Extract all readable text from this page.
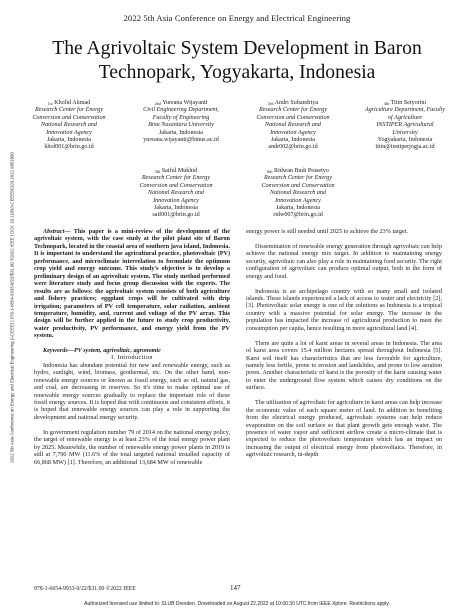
2022 5th Asia Conference on Energy and Electrical Engineering
The Agrivoltaic System Development in Baron
Technopark, Yogyakarta, Indonesia
$^{1st}$ Kholid Ahmad
Research Center for Energy
Conversion and Conservation
National Research and
Innovation Agency
Jakarta, Indonesia
khol001@brin.go.id
$^{2nd}$ Yureana Wijayanti
Civil Engineering Department,
Faculty of Engineering
Bina Nusantara University
Jakarta, Indonesia
yureana.wijayanti@binus.ac.id
$^{3rd}$ Andri Subandriya
Research Center for Energy
Conversion and Conservation
National Research and
Innovation Agency
Jakarta, Indonesia
andr002@brin.go.id
$^{4th}$ Titin Setyorini
Agriculture Department, Faculty
of Agriculture
INSTIPER Agricultural
University
Yogyakarta, Indonesia
titin@instiperjogja.ac.id
$^{5th}$ Saiful Mukhid
Research Center for Energy
Conversion and Conservation
National Research and
Innovation Agency
Jakarta, Indonesia
saif001@brin.go.id
$^{6th}$ Ridwan Budi Prasetyo
Research Center for Energy
Conversion and Conservation
National Research and
Innovation Agency
Jakarta, Indonesia
ridw007@brin.go.id

Abstract— This paper is a mini-review of the development of the agrivoltaic system, with the case study at the pilot plant site of Baron Technopark, located in the coastal area of southern java island, Indonesia. It is important to understand the agricultural practice, photovoltaic (PV) performance, and microclimate interrelation to formulate the optimum crop yield and energy outcome. This study's objective is to develop a preliminary design of an agrivoltaic system. The study method performed were literature study and focus group discussion with the experts. The results are as follows: the agrivoltaic system consists of both agriculture and fishery practices; eggplant crops will be cultivated with drip irrigation; parameters of PV cell temperature, solar radiation, ambient temperature, humidity, and, current and voltage of the PV array. This design will be further applied in the future to study crop productivity, water productivity, PV performance, and energy yield from the PV system.

Keywords—PV system, agrivoltaic, agronomic

I. Introduction

Indonesia has abundant potential for new and renewable energy, such as hydro, sunlight, wind, biomass, geothermal, etc. On the other hand, non-renewable energy sources or known as fossil energy, such as oil, natural gas, and coal, are decreasing in reserves. So it's time to make optimal use of renewable energy sources gradually to replace the important role of these fossil energy sources. It is hoped that with continuous and consistent efforts, it is hoped that renewable energy sources can play a role in supporting the development and national energy security.

In government regulation number 79 of 2014 on the national energy policy, the target of renewable energy is at least 23% of the total energy power plant by 2025. Meanwhile, the number of renewable energy power plants in 2019 is still at 7,790 MW (11.6% of the total targeted national installed capacity of 66,868 MW) [1]. Therefore, an additional 13,684 MW of renewable

energy power is still needed until 2025 to achieve the 23% target.

Dissemination of renewable energy generation through agrivoltaic can help achieve the national energy mix target. In addition to maintaining energy security, agrivoltaic can also play a role in maintaining food security. The right configuration of agrivoltaic can produce optimal output, both in the form of energy and food.

Indonesia is an archipelago country with so many small and isolated islands. These islands experienced a lack of access to water and electricity [2], [3]. Photovoltaic solar energy is one of the solutions as Indonesia is a tropical country with a massive potential for solar energy. The increase in the population has impacted the increase of agricultural production to meet the consumption per capita, hence resulting in more agricultural land [4].

There are quite a lot of karst areas in several areas in Indonesia. The area of karst area covers 15.4 million hectares spread throughout Indonesia [5]. Karst soil itself has characteristics that are less favorable for agriculture, namely less fertile, prone to erosion and landslides, and prone to low aeration pores. Another characteristic of karst is the porosity of the karst causing water to enter the underground flow system which causes dry conditions on the surface.

The utilization of agrivoltaic for agriculture in karst areas can help increase the economic value of each square meter of land. In addition to benefiting from the electrical energy produced, agrivoltaic systems can help reduce evaporation on the soil surface so that plant growth gets enough water. The presence of water vapor and sufficient airflow create a micro-climate that is expected to reduce the photovoltaic temperature which has an impact on increasing the output of electrical energy from photovoltaics. Therefore, in agrivoltaic research, in-depth

2022 5th Asia Conference on Energy and Electrical Engineering (ACEEE) | 978-1-6654-9933-0/22/$31.00 ©2022 IEEE | DOI: 10.1109/ACEEE56193.2022.9851860
978-1-6654-9933-0/22/$31.00 ©2022 IEEE	147
Authorized licensed use limited to: SLUB Dresden. Downloaded on August 22,2022 at 10:00:30 UTC from IEEE Xplore. Restrictions apply.
